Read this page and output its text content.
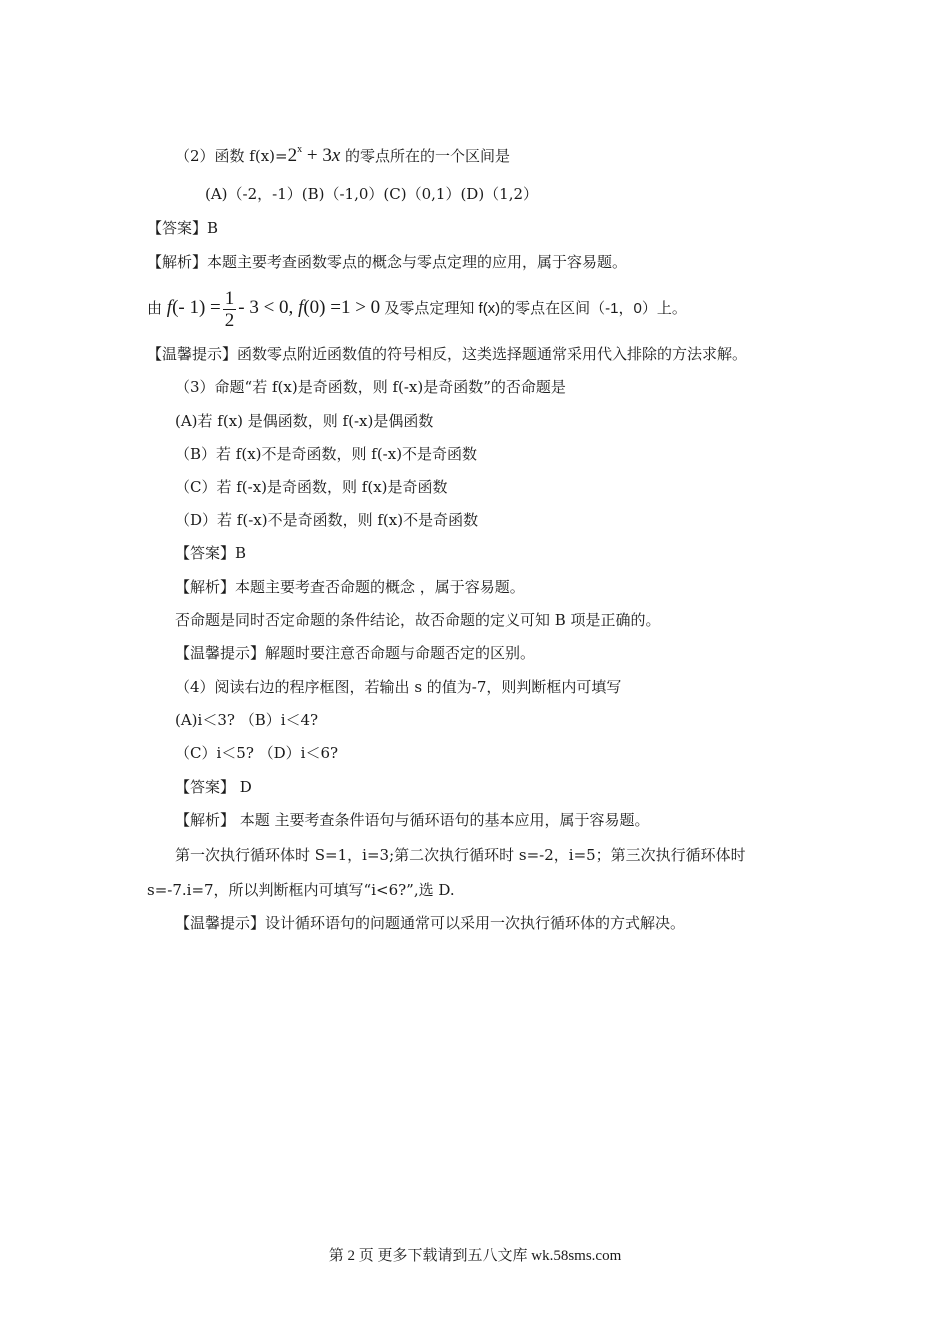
（2）函数 $f(x)=2^x + 3x$ 的零点所在的一个区间是
(A)（-2，-1）(B)（-1,0）(C)（0,1）(D)（1,2）
【答案】B
【解析】本题主要考查函数零点的概念与零点定理的应用，属于容易题。
由 f(- $1) = \frac{1}{2} - 3 < 0$, f(0) =1 > 0 及零点定理知 f(x)的零点在区间（-1，0）上。
【温馨提示】函数零点附近函数值的符号相反，这类选择题通常采用代入排除的方法求解。
（3）命题“若 f(x)是奇函数，则 f(-x)是奇函数”的否命题是
(A)若 f(x) 是偶函数，则 f(-x)是偶函数
（B）若 f(x)不是奇函数，则 f(-x)不是奇函数
（C）若 f(-x)是奇函数，则 f(x)是奇函数
（D）若 f(-x)不是奇函数，则 f(x)不是奇函数
【答案】B
【解析】本题主要考查否命题的概念 ，属于容易题。
否命题是同时否定命题的条件结论，故否命题的定义可知 B 项是正确的。
【温馨提示】解题时要注意否命题与命题否定的区别。
（4）阅读右边的程序框图，若输出 s 的值为-7，则判断框内可填写
(A)i＜3? （B）i＜4?
（C）i＜5? （D）i＜6?
【答案】 D
【解析】 本题 主要考查条件语句与循环语句的基本应用，属于容易题。
第一次执行循环体时 S=1，i=3;第二次执行循环时 s=-2，i=5；第三次执行循环体时
s=-7.i=7，所以判断框内可填写“i<6?”,选 D.
【温馨提示】设计循环语句的问题通常可以采用一次执行循环体的方式解决。
第 2 页 更多下载请到五八文库 wk.58sms.com
